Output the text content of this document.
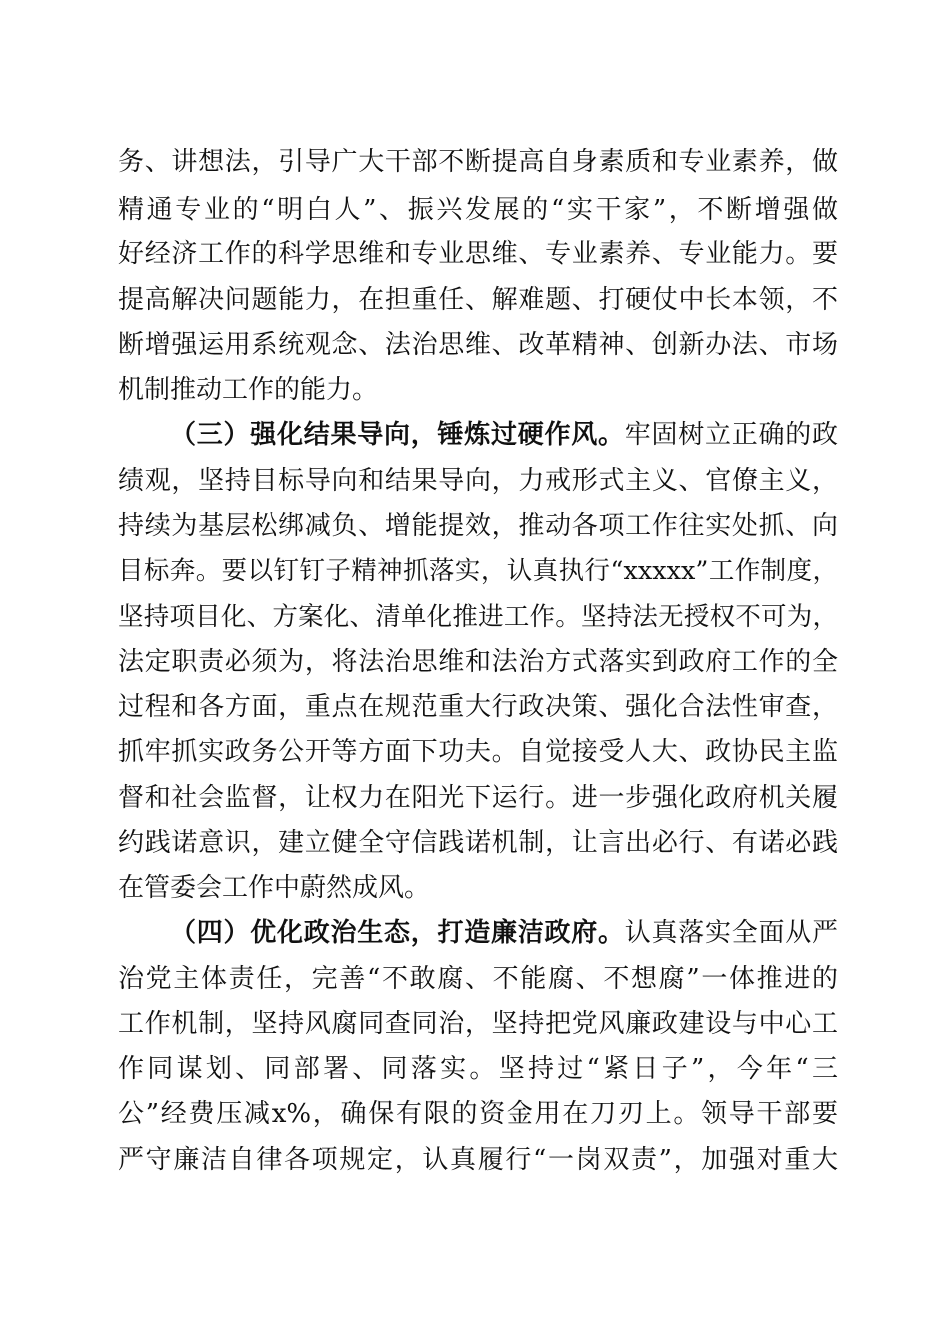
务、讲想法，引导广大干部不断提高自身素质和专业素养，做
精通专业的“明白人”、振兴发展的“实干家”，不断增强做
好经济工作的科学思维和专业思维、专业素养、专业能力。要
提高解决问题能力，在担重任、解难题、打硬仗中长本领，不
断增强运用系统观念、法治思维、改革精神、创新办法、市场
机制推动工作的能力。
（三）强化结果导向，锤炼过硬作风。牢固树立正确的政
绩观，坚持目标导向和结果导向，力戒形式主义、官僚主义，
持续为基层松绑减负、增能提效，推动各项工作往实处抓、向
目标奔。要以钉钉子精神抓落实，认真执行“xxxxx”工作制度，
坚持项目化、方案化、清单化推进工作。坚持法无授权不可为，
法定职责必须为，将法治思维和法治方式落实到政府工作的全
过程和各方面，重点在规范重大行政决策、强化合法性审查，
抓牢抓实政务公开等方面下功夫。自觉接受人大、政协民主监
督和社会监督，让权力在阳光下运行。进一步强化政府机关履
约践诺意识，建立健全守信践诺机制，让言出必行、有诺必践
在管委会工作中蔚然成风。
（四）优化政治生态，打造廉洁政府。认真落实全面从严
治党主体责任，完善“不敢腐、不能腐、不想腐”一体推进的
工作机制，坚持风腐同查同治，坚持把党风廉政建设与中心工
作同谋划、同部署、同落实。坚持过“紧日子”，今年“三
公”经费压减x%，确保有限的资金用在刀刃上。领导干部要
严守廉洁自律各项规定，认真履行“一岗双责”，加强对重大
